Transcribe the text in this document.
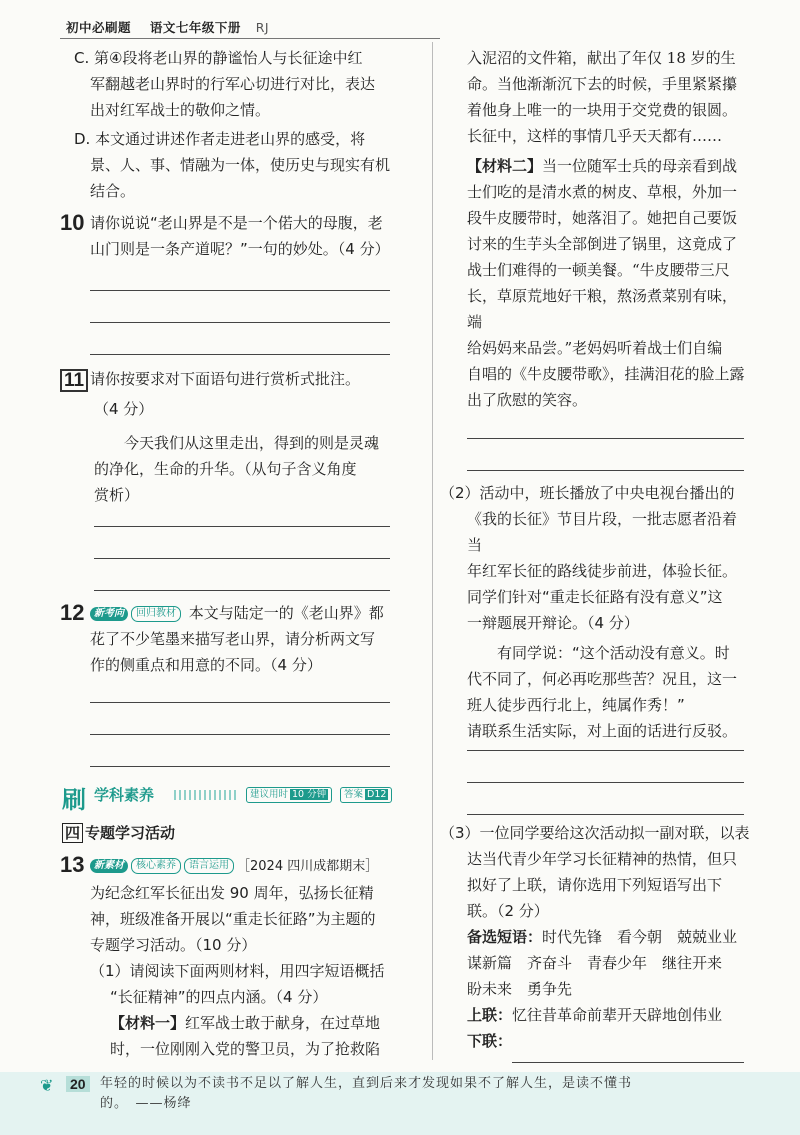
初中必刷题 语文七年级下册 RJ
C. 第④段将老山界的静谧怡人与长征途中红
军翻越老山界时的行军心切进行对比，表达
出对红军战士的敬仰之情。
D. 本文通过讲述作者走进老山界的感受，将
景、人、事、情融为一体，使历史与现实有机
结合。
10 请你说说“老山界是不是一个偌大的母腹，老
山门则是一条产道呢？”一句的妙处。（4 分）
11 请你按要求对下面语句进行赏析式批注。
（4 分）
今天我们从这里走出，得到的则是灵魂
的净化，生命的升华。（从句子含义角度
赏析）
12 新考向 回归教材 本文与陆定一的《老山界》都
花了不少笔墨来描写老山界，请分析两文写
作的侧重点和用意的不同。（4 分）
刷 学科素养	建议用时 10 分钟	答案 D12
四 专题学习活动
13 新素材 核心素养 语言运用 ［2024 四川成都期末］
为纪念红军长征出发 90 周年，弘扬长征精
神，班级准备开展以“重走长征路”为主题的
专题学习活动。（10 分）
（1）请阅读下面两则材料，用四字短语概括
“长征精神”的四点内涵。（4 分）
【材料一】红军战士敢于献身，在过草地
时，一位刚刚入党的警卫员，为了抢救陷
入泥沼的文件箱，献出了年仅 18 岁的生
命。当他渐渐沉下去的时候，手里紧紧攥
着他身上唯一的一块用于交党费的银圆。
长征中，这样的事情几乎天天都有……
【材料二】当一位随军士兵的母亲看到战
士们吃的是清水煮的树皮、草根，外加一
段牛皮腰带时，她落泪了。她把自己要饭
讨来的生芋头全部倒进了锅里，这竟成了
战士们难得的一顿美餐。“牛皮腰带三尺
长，草原荒地好干粮，熬汤煮菜别有味，端
给妈妈来品尝。”老妈妈听着战士们自编
自唱的《牛皮腰带歌》，挂满泪花的脸上露
出了欣慰的笑容。
（2）活动中，班长播放了中央电视台播出的
《我的长征》节目片段，一批志愿者沿着当
年红军长征的路线徒步前进，体验长征。
同学们针对“重走长征路有没有意义”这
一辩题展开辩论。（4 分）
有同学说：“这个活动没有意义。时
代不同了，何必再吃那些苦？况且，这一
班人徒步西行北上，纯属作秀！”
请联系生活实际，对上面的话进行反驳。
（3）一位同学要给这次活动拟一副对联，以表
达当代青少年学习长征精神的热情，但只
拟好了上联，请你选用下列短语写出下
联。（2 分）
备选短语：时代先锋　看今朝　兢兢业业
谋新篇　齐奋斗　青春少年　继往开来
盼未来　勇争先
上联：忆往昔革命前辈开天辟地创伟业
下联：
❦ 20	年轻的时候以为不读书不足以了解人生，直到后来才发现如果不了解人生，是读不懂书
的。　——杨绛
